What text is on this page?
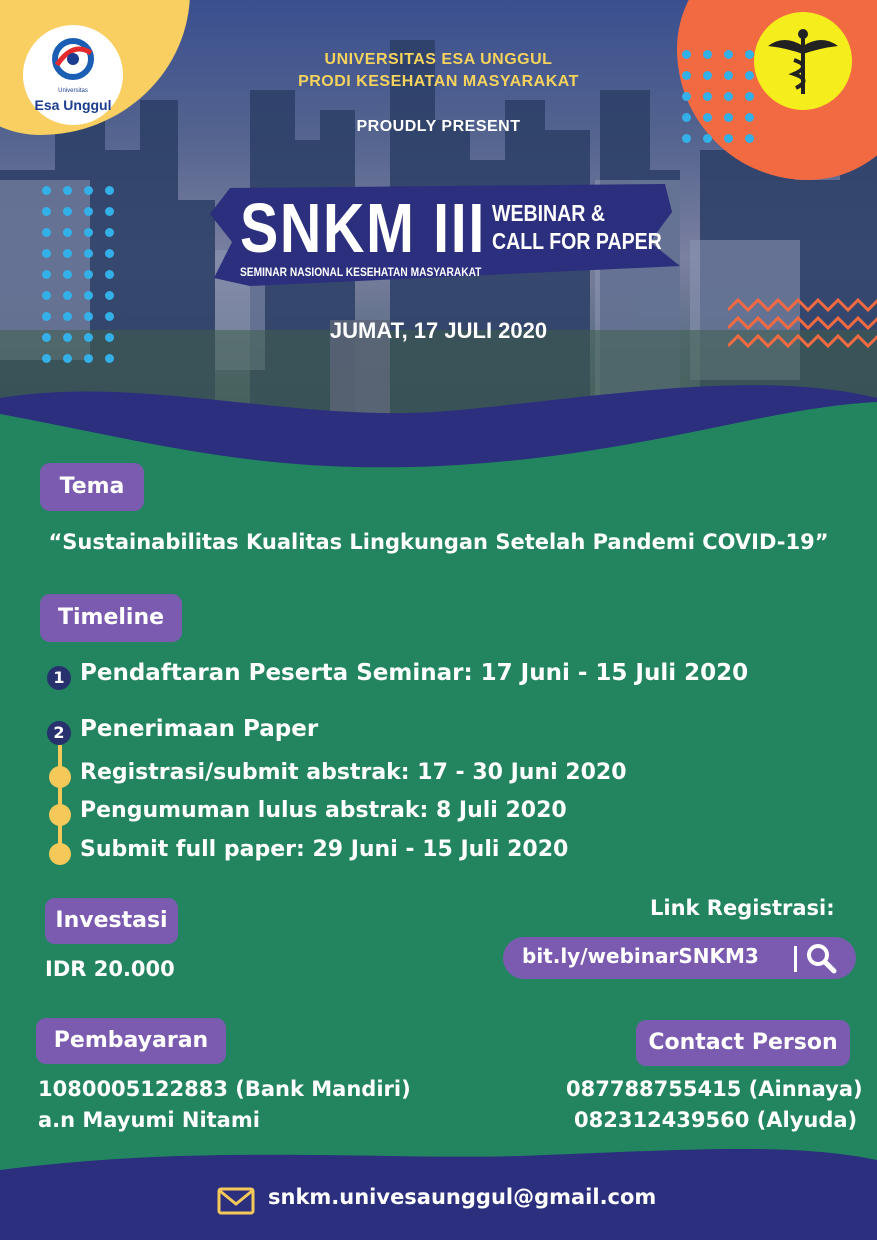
Universitas
Esa Unggul
UNIVERSITAS ESA UNGGUL
PRODI KESEHATAN MASYARAKAT
PROUDLY PRESENT
SNKM III WEBINAR &
CALL FOR PAPER
SEMINAR NASIONAL KESEHATAN MASYARAKAT
JUMAT, 17 JULI 2020
Tema
“Sustainabilitas Kualitas Lingkungan Setelah Pandemi COVID-19”
Timeline
1 Pendaftaran Peserta Seminar: 17 Juni - 15 Juli 2020
2 Penerimaan Paper
Registrasi/submit abstrak: 17 - 30 Juni 2020
Pengumuman lulus abstrak: 8 Juli 2020
Submit full paper: 29 Juni - 15 Juli 2020
Investasi
IDR 20.000
Link Registrasi:
bit.ly/webinarSNKM3
Pembayaran
1080005122883 (Bank Mandiri)
a.n Mayumi Nitami
Contact Person
087788755415 (Ainnaya)
082312439560 (Alyuda)
snkm.univesaunggul@gmail.com
